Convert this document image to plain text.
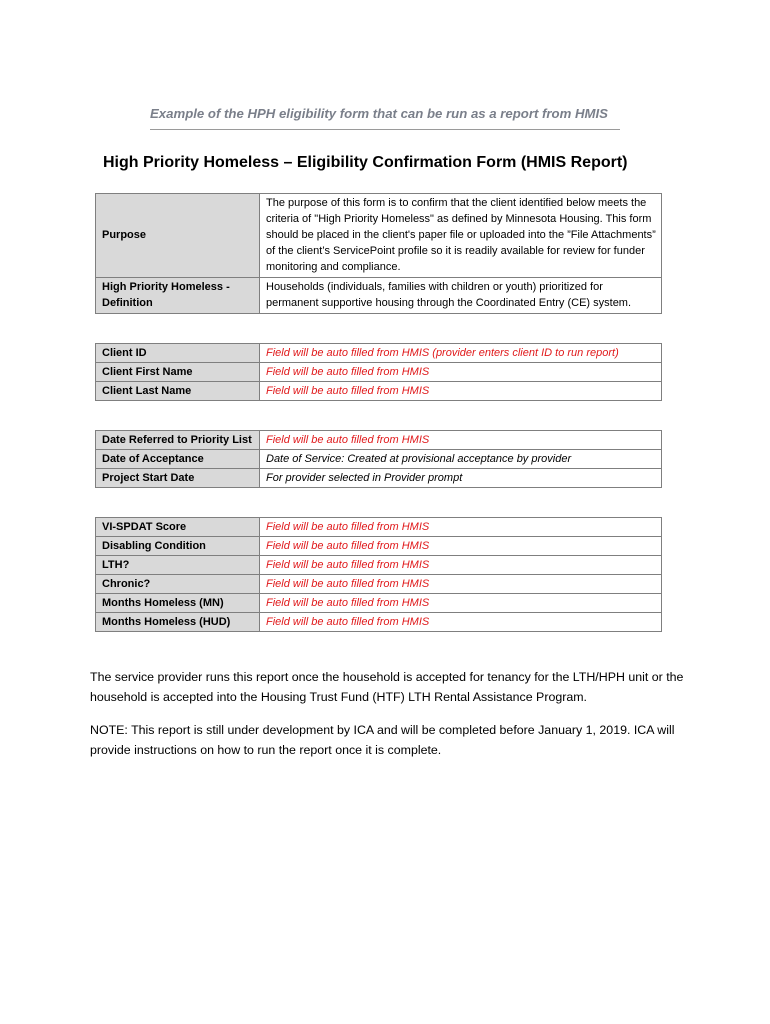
Example of the HPH eligibility form that can be run as a report from HMIS
High Priority Homeless – Eligibility Confirmation Form (HMIS Report)
Purpose	The purpose of this form is to confirm that the client identified below meets the criteria of "High Priority Homeless" as defined by Minnesota Housing. This form should be placed in the client's paper file or uploaded into the ”File Attachments” of the client’s ServicePoint profile so it is readily available for review for funder monitoring and compliance.
High Priority Homeless - Definition	Households (individuals, families with children or youth) prioritized for permanent supportive housing through the Coordinated Entry (CE) system.
Client ID	Field will be auto filled from HMIS (provider enters client ID to run report)
Client First Name	Field will be auto filled from HMIS
Client Last Name	Field will be auto filled from HMIS
Date Referred to Priority List	Field will be auto filled from HMIS
Date of Acceptance	Date of Service: Created at provisional acceptance by provider
Project Start Date	For provider selected in Provider prompt
VI-SPDAT Score	Field will be auto filled from HMIS
Disabling Condition	Field will be auto filled from HMIS
LTH?	Field will be auto filled from HMIS
Chronic?	Field will be auto filled from HMIS
Months Homeless (MN)	Field will be auto filled from HMIS
Months Homeless (HUD)	Field will be auto filled from HMIS
The service provider runs this report once the household is accepted for tenancy for the LTH/HPH unit or the household is accepted into the Housing Trust Fund (HTF) LTH Rental Assistance Program.
NOTE: This report is still under development by ICA and will be completed before January 1, 2019. ICA will provide instructions on how to run the report once it is complete.
